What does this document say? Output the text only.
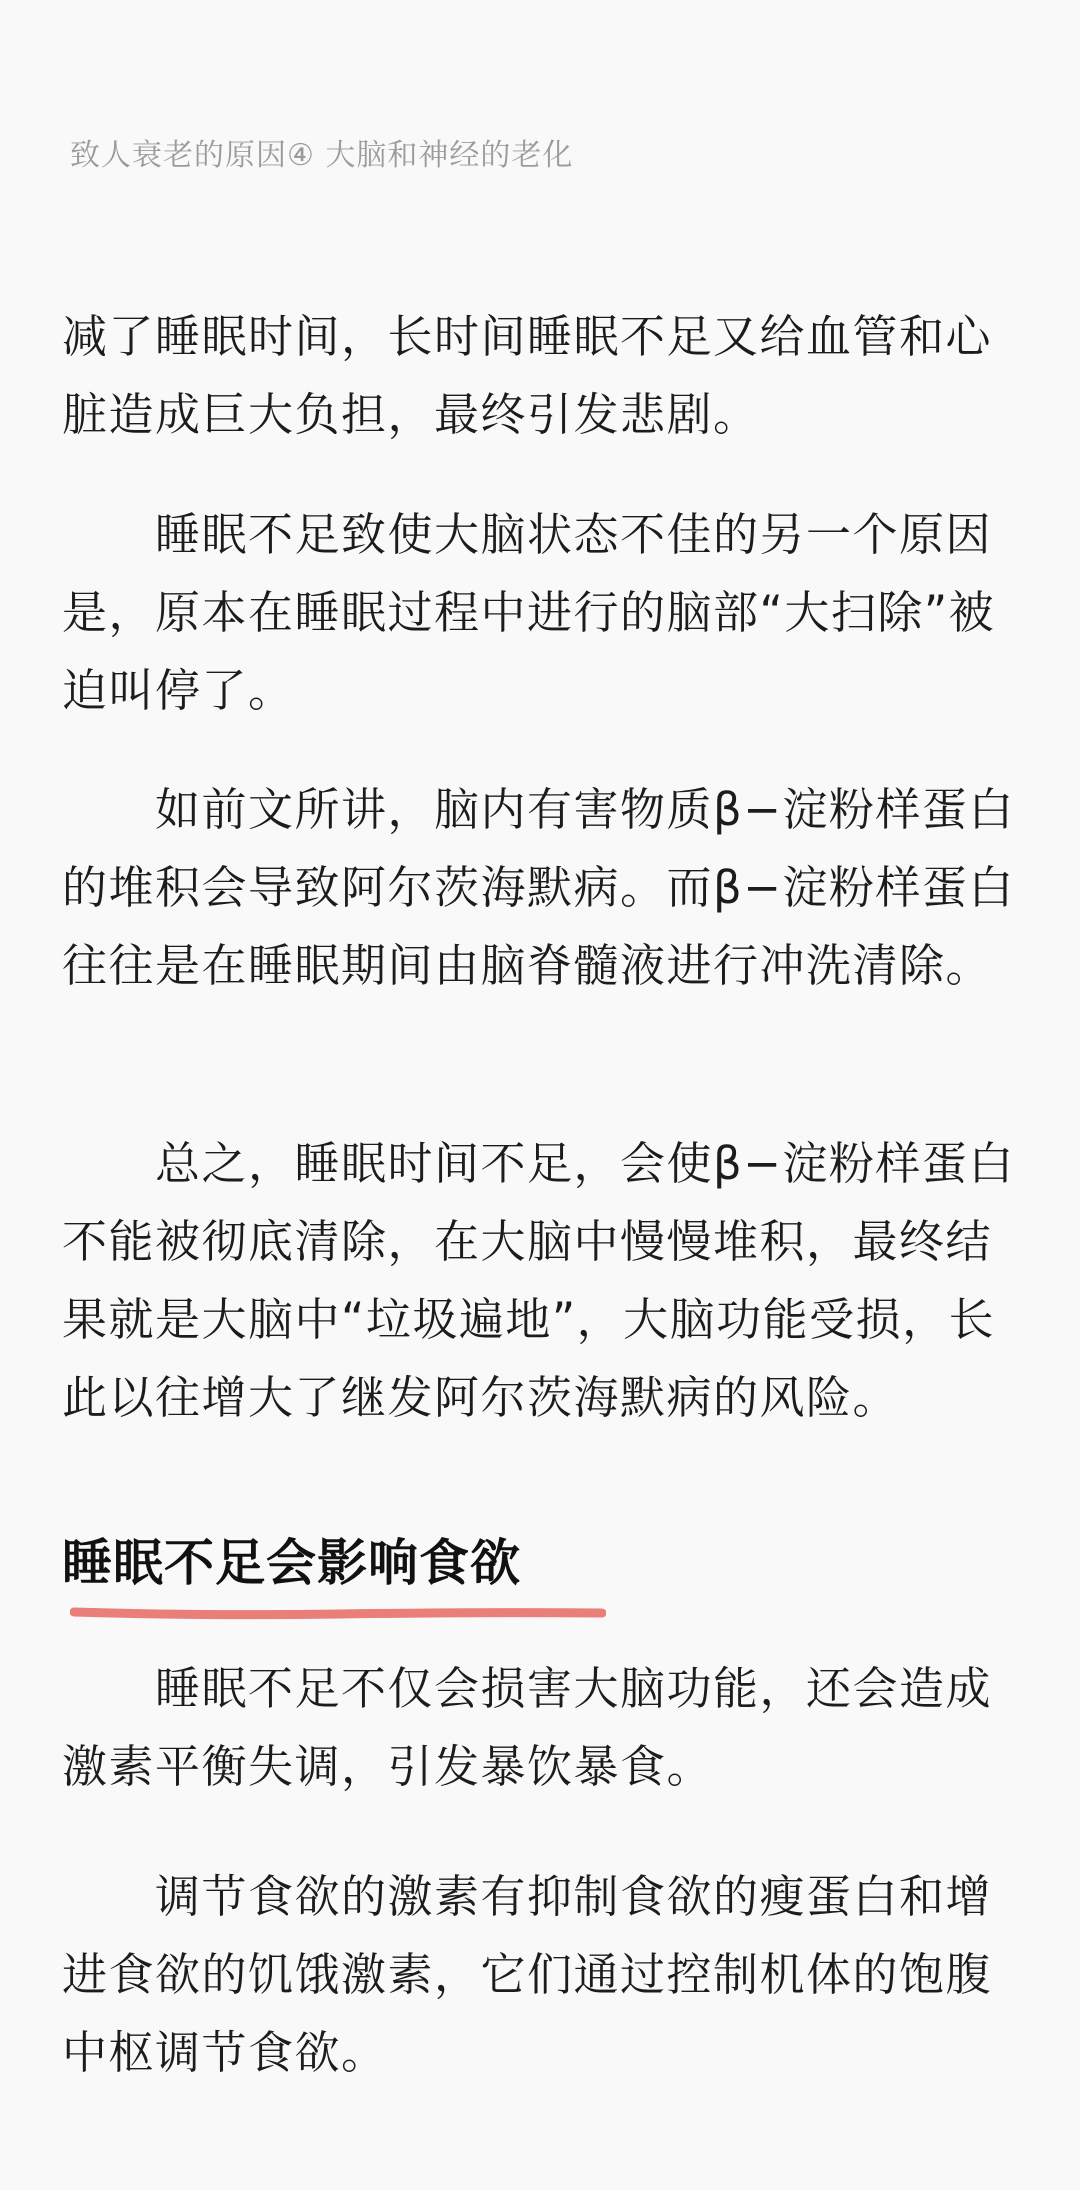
致人衰老的原因④ 大脑和神经的老化

减了睡眠时间，长时间睡眠不足又给血管和心脏造成巨大负担，最终引发悲剧。

　　睡眠不足致使大脑状态不佳的另一个原因是，原本在睡眠过程中进行的脑部“大扫除”被迫叫停了。

　　如前文所讲，脑内有害物质β−淀粉样蛋白的堆积会导致阿尔茨海默病。而β−淀粉样蛋白往往是在睡眠期间由脑脊髓液进行冲洗清除。

　　总之，睡眠时间不足，会使β−淀粉样蛋白不能被彻底清除，在大脑中慢慢堆积，最终结果就是大脑中“垃圾遍地”，大脑功能受损，长此以往增大了继发阿尔茨海默病的风险。

睡眠不足会影响食欲

　　睡眠不足不仅会损害大脑功能，还会造成激素平衡失调，引发暴饮暴食。

　　调节食欲的激素有抑制食欲的瘦蛋白和增进食欲的饥饿激素，它们通过控制机体的饱腹中枢调节食欲。
